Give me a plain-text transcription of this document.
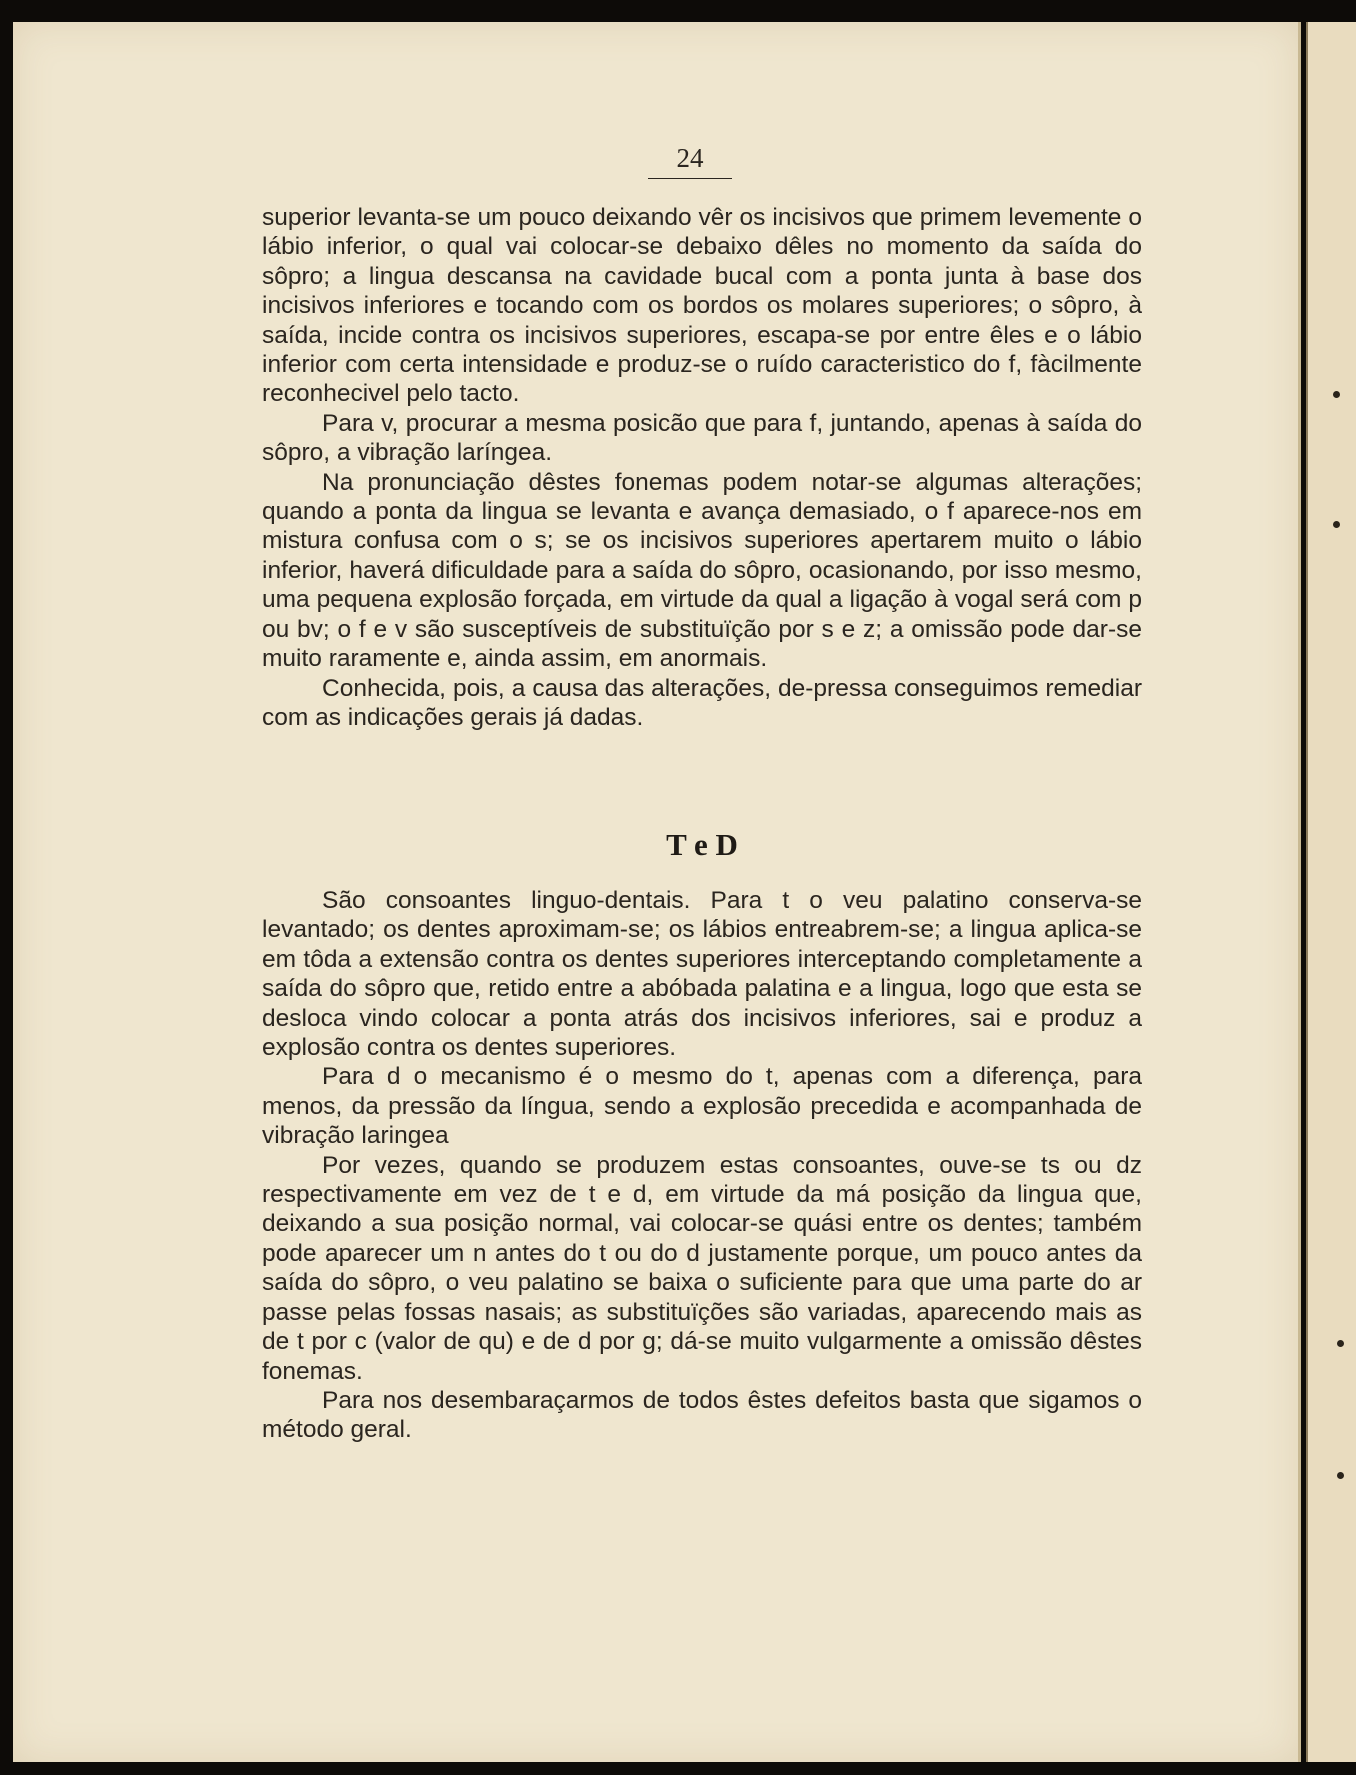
24

superior levanta-se um pouco deixando vêr os incisivos que primem levemente o lábio inferior, o qual vai colocar-se debaixo dêles no momento da saída do sôpro; a lingua descansa na cavidade bucal com a ponta junta à base dos incisivos inferiores e tocando com os bordos os molares superiores; o sôpro, à saída, incide contra os incisivos superiores, escapa-se por entre êles e o lábio inferior com certa intensidade e produz-se o ruído caracteristico do f, fàcilmente reconhecivel pelo tacto.

Para v, procurar a mesma posicão que para f, juntando, apenas à saída do sôpro, a vibração laríngea.

Na pronunciação dêstes fonemas podem notar-se algumas alterações; quando a ponta da lingua se levanta e avança demasiado, o f aparece-nos em mistura confusa com o s; se os incisivos superiores apertarem muito o lábio inferior, haverá dificuldade para a saída do sôpro, ocasionando, por isso mesmo, uma pequena explosão forçada, em virtude da qual a ligação à vogal será com p ou bv; o f e v são susceptíveis de substituïção por s e z; a omissão pode dar-se muito raramente e, ainda assim, em anormais.

Conhecida, pois, a causa das alterações, de-pressa conseguimos remediar com as indicações gerais já dadas.

T e D

São consoantes linguo-dentais. Para t o veu palatino conserva-se levantado; os dentes aproximam-se; os lábios entreabrem-se; a lingua aplica-se em tôda a extensão contra os dentes superiores interceptando completamente a saída do sôpro que, retido entre a abóbada palatina e a lingua, logo que esta se desloca vindo colocar a ponta atrás dos incisivos inferiores, sai e produz a explosão contra os dentes superiores.

Para d o mecanismo é o mesmo do t, apenas com a diferença, para menos, da pressão da língua, sendo a explosão precedida e acompanhada de vibração laringea

Por vezes, quando se produzem estas consoantes, ouve-se ts ou dz respectivamente em vez de t e d, em virtude da má posição da lingua que, deixando a sua posição normal, vai colocar-se quási entre os dentes; também pode aparecer um n antes do t ou do d justamente porque, um pouco antes da saída do sôpro, o veu palatino se baixa o suficiente para que uma parte do ar passe pelas fossas nasais; as substituïções são variadas, aparecendo mais as de t por c (valor de qu) e de d por g; dá-se muito vulgarmente a omissão dêstes fonemas.

Para nos desembaraçarmos de todos êstes defeitos basta que sigamos o método geral.
